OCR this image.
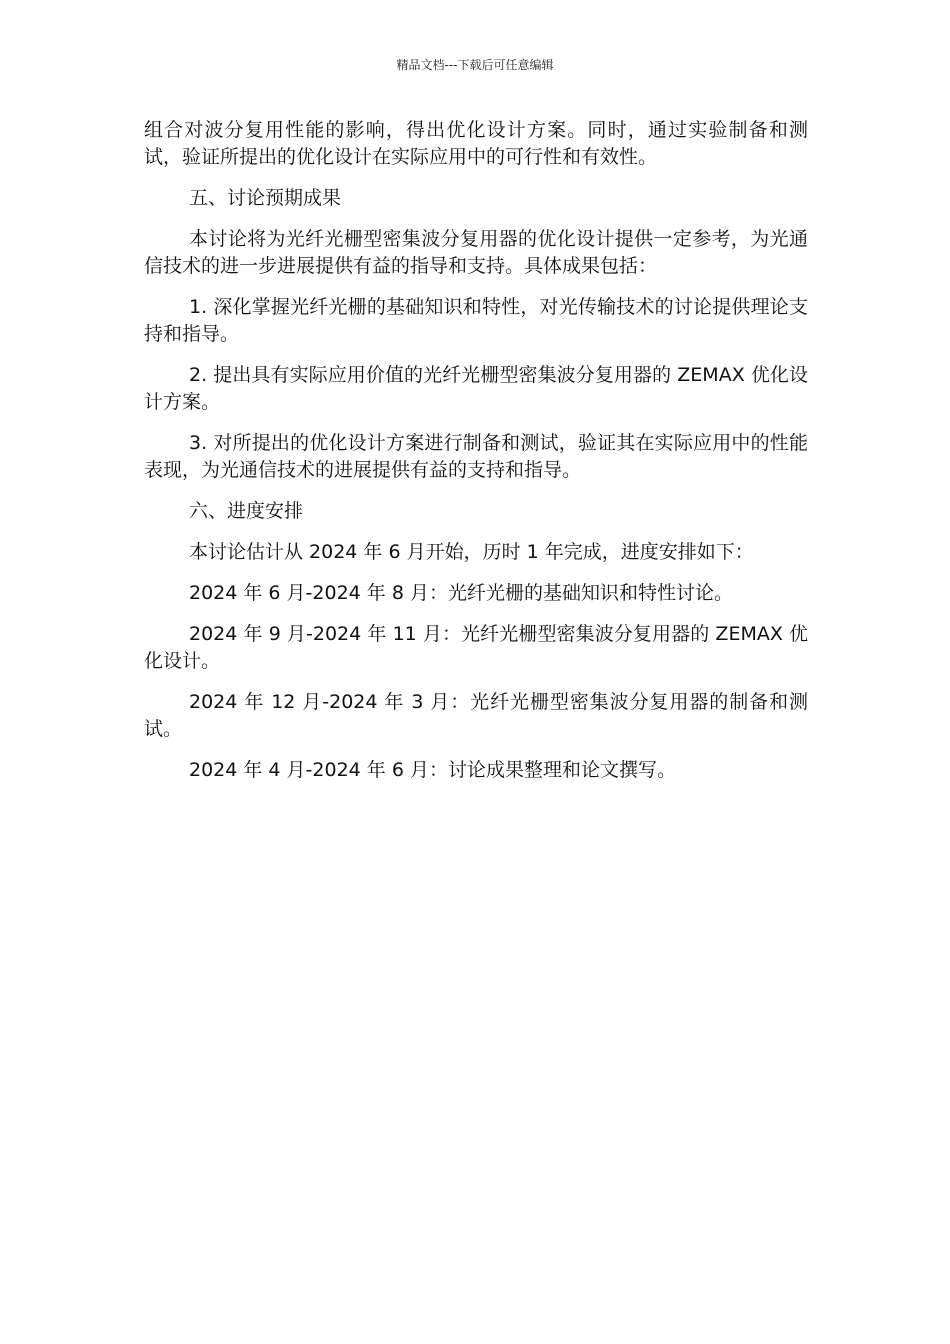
精品文档---下载后可任意编辑

组合对波分复用性能的影响，得出优化设计方案。同时，通过实验制备和测试，验证所提出的优化设计在实际应用中的可行性和有效性。

五、讨论预期成果

本讨论将为光纤光栅型密集波分复用器的优化设计提供一定参考，为光通信技术的进一步进展提供有益的指导和支持。具体成果包括：

1. 深化掌握光纤光栅的基础知识和特性，对光传输技术的讨论提供理论支持和指导。

2. 提出具有实际应用价值的光纤光栅型密集波分复用器的 ZEMAX 优化设计方案。

3. 对所提出的优化设计方案进行制备和测试，验证其在实际应用中的性能表现，为光通信技术的进展提供有益的支持和指导。

六、进度安排

本讨论估计从 2024 年 6 月开始，历时 1 年完成，进度安排如下：

2024 年 6 月-2024 年 8 月：光纤光栅的基础知识和特性讨论。

2024 年 9 月-2024 年 11 月：光纤光栅型密集波分复用器的 ZEMAX 优化设计。

2024 年 12 月-2024 年 3 月：光纤光栅型密集波分复用器的制备和测试。

2024 年 4 月-2024 年 6 月：讨论成果整理和论文撰写。
